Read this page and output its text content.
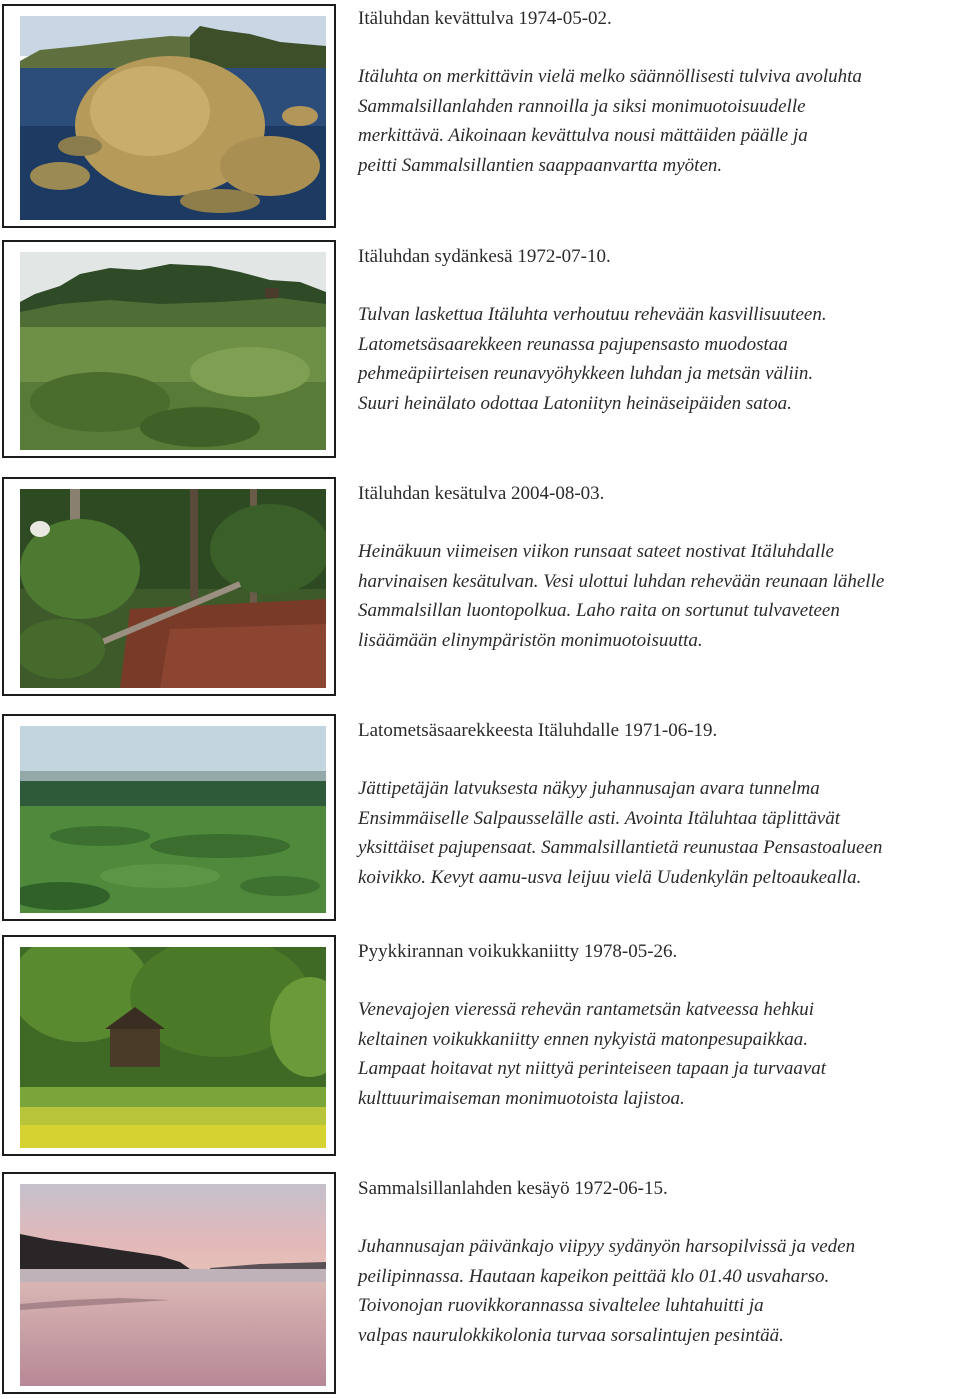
Itäluhdan kevättulva 1974-05-02.
Itäluhta on merkittävin vielä melko säännöllisesti tulviva avoluhta
Sammalsillanlahden rannoilla ja siksi monimuotoisuudelle
merkittävä. Aikoinaan kevättulva nousi mättäiden päälle ja
peitti Sammalsillantien saappaanvartta myöten.
Itäluhdan sydänkesä 1972-07-10.
Tulvan laskettua Itäluhta verhoutuu rehevään kasvillisuuteen.
Latometsäsaarekkeen reunassa pajupensasto muodostaa
pehmeäpiirteisen reunavyöhykkeen luhdan ja metsän väliin.
Suuri heinälato odottaa Latoniityn heinäseipäiden satoa.
Itäluhdan kesätulva 2004-08-03.
Heinäkuun viimeisen viikon runsaat sateet nostivat Itäluhdalle
harvinaisen kesätulvan. Vesi ulottui luhdan rehevään reunaan lähelle
Sammalsillan luontopolkua. Laho raita on sortunut tulvaveteen
lisäämään elinympäristön monimuotoisuutta.
Latometsäsaarekkeesta Itäluhdalle 1971-06-19.
Jättipetäjän latvuksesta näkyy juhannusajan avara tunnelma
Ensimmäiselle Salpausselälle asti. Avointa Itäluhtaa täplittävät
yksittäiset pajupensaat. Sammalsillantietä reunustaa Pensastoalueen
koivikko. Kevyt aamu-usva leijuu vielä Uudenkylän peltoaukealla.
Pyykkirannan voikukkaniitty 1978-05-26.
Venevajojen vieressä rehevän rantametsän katveessa hehkui
keltainen voikukkaniitty ennen nykyistä matonpesupaikkaa.
Lampaat hoitavat nyt niittyä perinteiseen tapaan ja turvaavat
kulttuurimaiseman monimuotoista lajistoa.
Sammalsillanlahden kesäyö 1972-06-15.
Juhannusajan päivänkajo viipyy sydänyön harsopilvissä ja veden
peilipinnassa. Hautaan kapeikon peittää klo 01.40 usvaharso.
Toivonojan ruovikkorannassa sivaltelee luhtahuitti ja
valpas naurulokkikolonia turvaa sorsalintujen pesintää.
